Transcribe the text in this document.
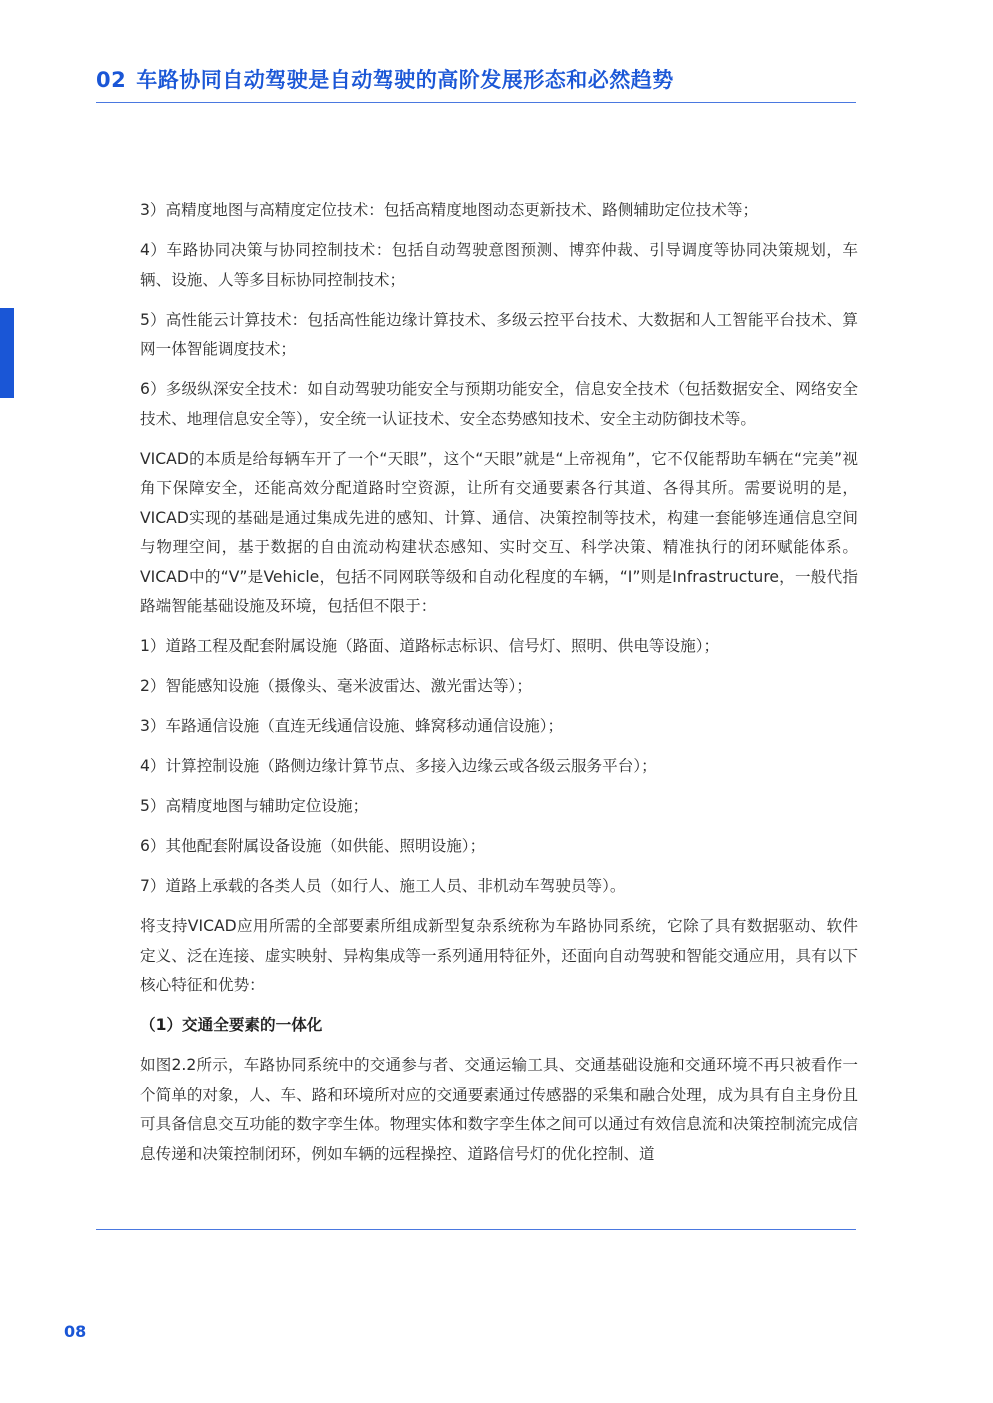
02 车路协同自动驾驶是自动驾驶的高阶发展形态和必然趋势

3）高精度地图与高精度定位技术：包括高精度地图动态更新技术、路侧辅助定位技术等；

4）车路协同决策与协同控制技术：包括自动驾驶意图预测、博弈仲裁、引导调度等协同决策规划，车辆、设施、人等多目标协同控制技术；

5）高性能云计算技术：包括高性能边缘计算技术、多级云控平台技术、大数据和人工智能平台技术、算网一体智能调度技术；

6）多级纵深安全技术：如自动驾驶功能安全与预期功能安全，信息安全技术（包括数据安全、网络安全技术、地理信息安全等），安全统一认证技术、安全态势感知技术、安全主动防御技术等。

VICAD的本质是给每辆车开了一个“天眼”，这个“天眼”就是“上帝视角”，它不仅能帮助车辆在“完美”视角下保障安全，还能高效分配道路时空资源，让所有交通要素各行其道、各得其所。需要说明的是，VICAD实现的基础是通过集成先进的感知、计算、通信、决策控制等技术，构建一套能够连通信息空间与物理空间，基于数据的自由流动构建状态感知、实时交互、科学决策、精准执行的闭环赋能体系。VICAD中的“V”是Vehicle，包括不同网联等级和自动化程度的车辆，“I”则是Infrastructure，一般代指路端智能基础设施及环境，包括但不限于：

1）道路工程及配套附属设施（路面、道路标志标识、信号灯、照明、供电等设施）；

2）智能感知设施（摄像头、毫米波雷达、激光雷达等）；

3）车路通信设施（直连无线通信设施、蜂窝移动通信设施）；

4）计算控制设施（路侧边缘计算节点、多接入边缘云或各级云服务平台）；

5）高精度地图与辅助定位设施；

6）其他配套附属设备设施（如供能、照明设施）；

7）道路上承载的各类人员（如行人、施工人员、非机动车驾驶员等）。

将支持VICAD应用所需的全部要素所组成新型复杂系统称为车路协同系统，它除了具有数据驱动、软件定义、泛在连接、虚实映射、异构集成等一系列通用特征外，还面向自动驾驶和智能交通应用，具有以下核心特征和优势：

（1）交通全要素的一体化

如图2.2所示，车路协同系统中的交通参与者、交通运输工具、交通基础设施和交通环境不再只被看作一个简单的对象，人、车、路和环境所对应的交通要素通过传感器的采集和融合处理，成为具有自主身份且可具备信息交互功能的数字孪生体。物理实体和数字孪生体之间可以通过有效信息流和决策控制流完成信息传递和决策控制闭环，例如车辆的远程操控、道路信号灯的优化控制、道

08
